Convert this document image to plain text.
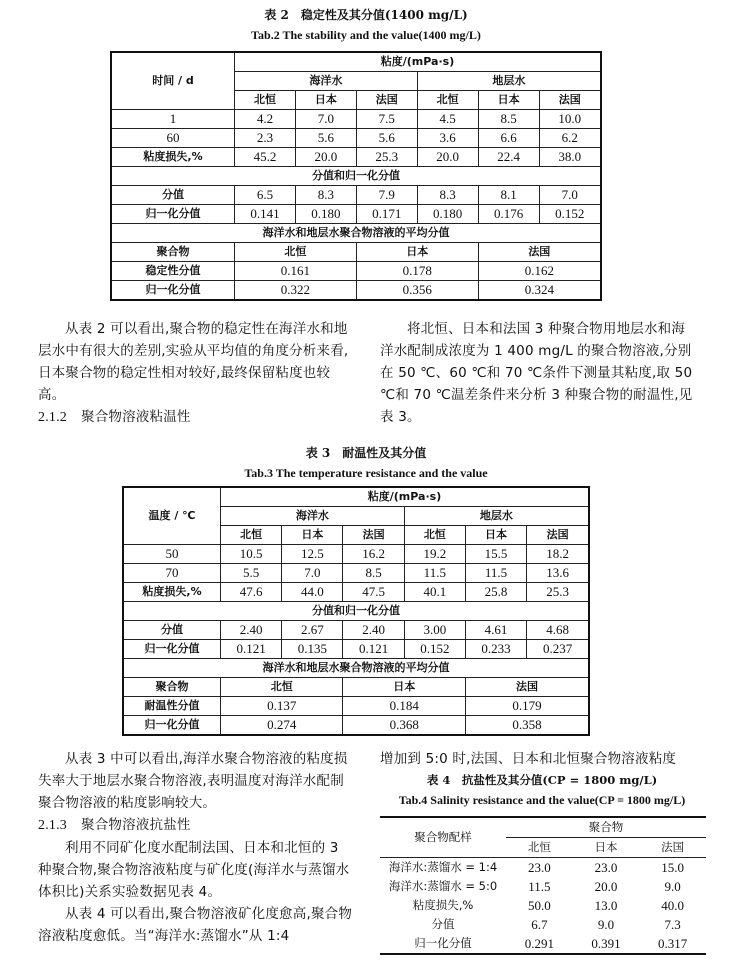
表 2　稳定性及其分值(1400 mg/L)
Tab.2 The stability and the value(1400 mg/L)
时间 / d	粘度/(mPa·s)					
	海洋水			地层水		
	北恒	日本	法国	北恒	日本	法国
1	4.2	7.0	7.5	4.5	8.5	10.0
60	2.3	5.6	5.6	3.6	6.6	6.2
粘度损失,%	45.2	20.0	25.3	20.0	22.4	38.0
分值和归一化分值						
分值	6.5	8.3	7.9	8.3	8.1	7.0
归一化分值	0.141	0.180	0.171	0.180	0.176	0.152
海洋水和地层水聚合物溶液的平均分值						
聚合物	北恒		日本		法国	
稳定性分值	0.161		0.178		0.162	
归一化分值	0.322		0.356		0.324	

从表 2 可以看出,聚合物的稳定性在海洋水和地层水中有很大的差别,实验从平均值的角度分析来看,日本聚合物的稳定性相对较好,最终保留粘度也较高。

2.1.2 聚合物溶液粘温性

将北恒、日本和法国 3 种聚合物用地层水和海洋水配制成浓度为 1 400 mg/L 的聚合物溶液,分别在 50 ℃、60 ℃和 70 ℃条件下测量其粘度,取 50 ℃和 70 ℃温差条件来分析 3 种聚合物的耐温性,见表 3。

表 3　耐温性及其分值
Tab.3 The temperature resistance and the value
温度 / ℃	粘度/(mPa·s)					
	海洋水			地层水		
	北恒	日本	法国	北恒	日本	法国
50	10.5	12.5	16.2	19.2	15.5	18.2
70	5.5	7.0	8.5	11.5	11.5	13.6
粘度损失,%	47.6	44.0	47.5	40.1	25.8	25.3
分值和归一化分值						
分值	2.40	2.67	2.40	3.00	4.61	4.68
归一化分值	0.121	0.135	0.121	0.152	0.233	0.237
海洋水和地层水聚合物溶液的平均分值						
聚合物	北恒		日本		法国	
耐温性分值	0.137		0.184		0.179	
归一化分值	0.274		0.368		0.358	

从表 3 中可以看出,海洋水聚合物溶液的粘度损失率大于地层水聚合物溶液,表明温度对海洋水配制聚合物溶液的粘度影响较大。

2.1.3 聚合物溶液抗盐性

利用不同矿化度水配制法国、日本和北恒的 3 种聚合物,聚合物溶液粘度与矿化度(海洋水与蒸馏水体积比)关系实验数据见表 4。

从表 4 可以看出,聚合物溶液矿化度愈高,聚合物溶液粘度愈低。当“海洋水:蒸馏水”从 1:4

增加到 5:0 时,法国、日本和北恒聚合物溶液粘度

表 4　抗盐性及其分值(CP = 1800 mg/L)
Tab.4 Salinity resistance and the value(CP = 1800 mg/L)
聚合物配样	聚合物		
	北恒	日本	法国
海洋水:蒸馏水 = 1:4	23.0	23.0	15.0
海洋水:蒸馏水 = 5:0	11.5	20.0	9.0
粘度损失,%	50.0	13.0	40.0
分值	6.7	9.0	7.3
归一化分值	0.291	0.391	0.317
